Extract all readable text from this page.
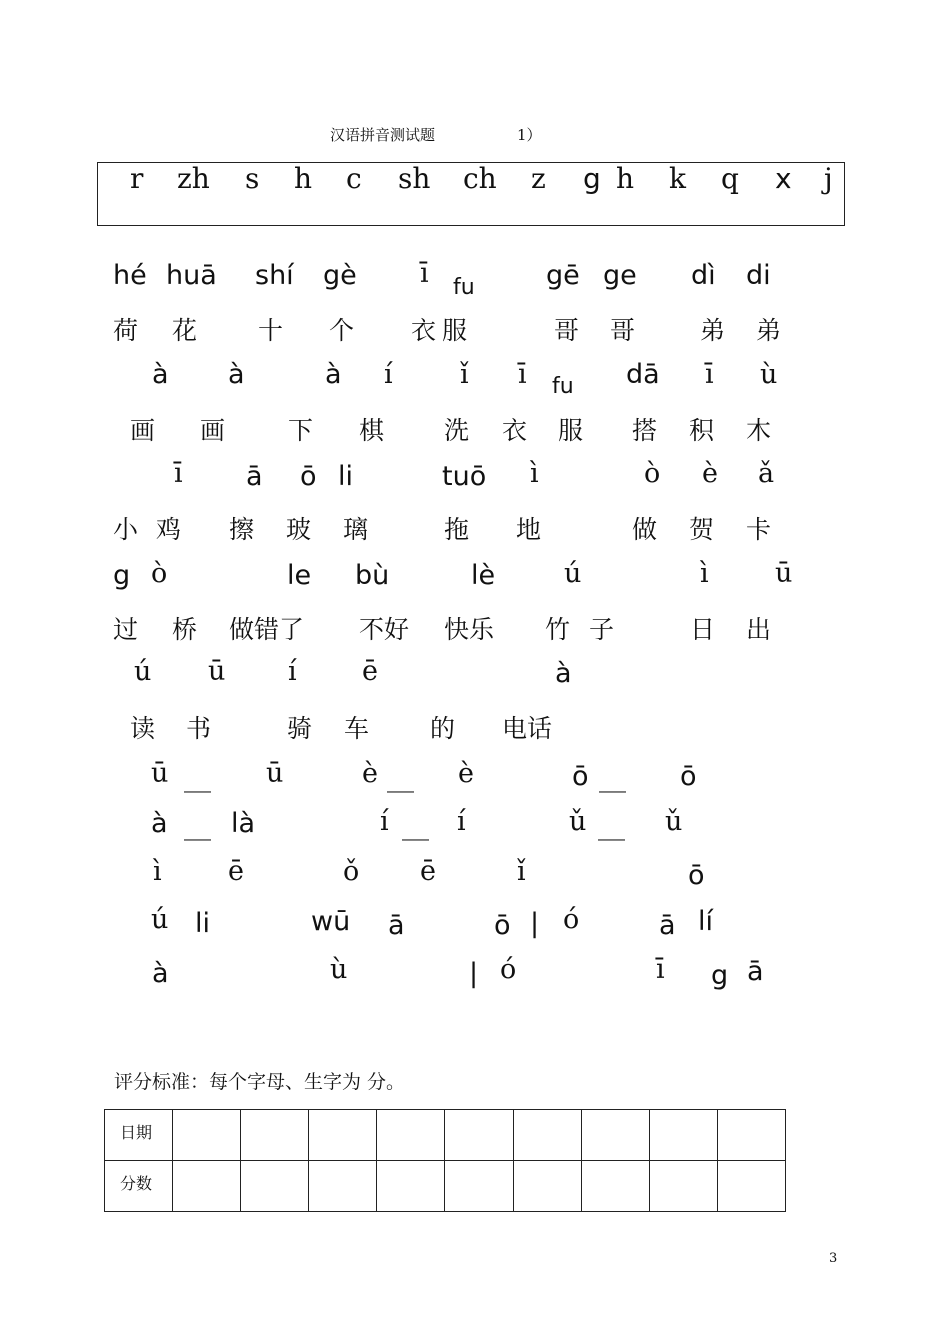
汉语拼音测试题	1）
r zh s h c sh ch z g h k q x j
hé huā shí gè ī fu	gē ge dì di
荷 花 十 个 衣 服	哥 哥	弟 弟
à à	à í ǐ ī fu dā ī ù
画 画	下 棋 洗 衣 服 搭 积 木
ī ā ō li	tuō ì	ò è ǎ
小 鸡 擦 玻 璃	拖 地	做 贺 卡
g ò	le bù	lè	ú	ì ū
过 桥 做错了 不好 快乐 竹 子	日 出
ú ū í ē	à
读 书	骑 车 的 电话
ū __ ū	è __ è	ō __ ō
à __ là	í __ í	ǔ __ ǔ
ì ē	ǒ ē	ǐ	ō
ú li	wū ā	ō | ó	ā lí
à	ù	| ó	ī g ā
评分标准：每个字母、生字为 分。
日期									
分数									
3
